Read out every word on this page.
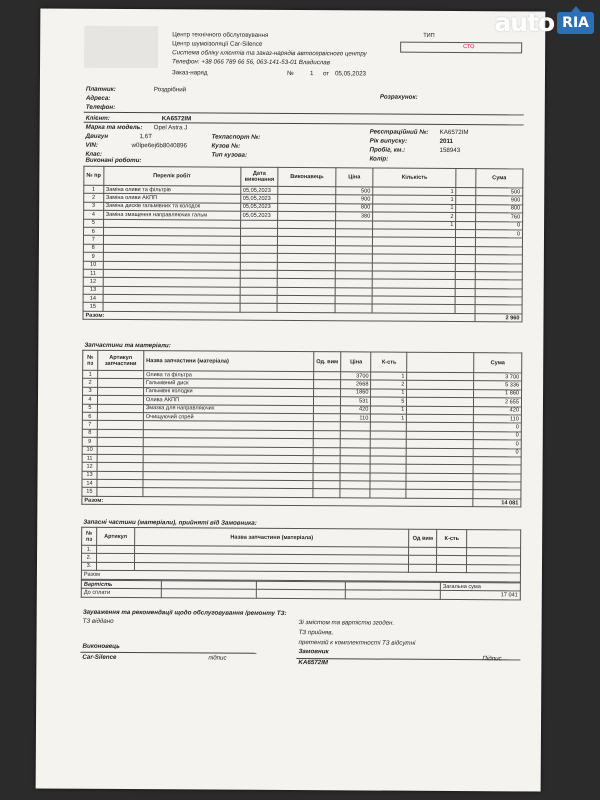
Центр технічного обслуговування
Центр шумоізоляції Car-Silence
Система обліку клієнтів та заказ-нарядів автосервісного центру
Телефон: +38 066 789 66 56, 063-141-53-01 Владислав
Заказ-наряд	№	1 от 05,05,2023
ТИП
СТО
Платник:	Роздрібний
Розрахунок:
Адреса:
Телефон:
Клієнт:	KA6572IM
Марка та модель: Opel Astra J
Двигун	1,6T
VIN:	w0lpe6ej6b8040896
Клас:
Техпаспорт №:
Кузов №:
Тип кузова:
Реєстраційний №: KA6572IM
Рік випуску:	2011
Пробіг, км.:	158943
Колір:
Виконані роботи:
№ пр	Перелік робіт	Дата виконання	Виконавець	Ціна	Кількість		Сума
1	Заміна оливи та фільтрів	05,05,2023		500	1		500
2	Заміна оливи АКПП	05,05,2023		900	1		900
3	Заміна дисків гальмівних та колодок	05,05,2023		800	1		800
4	Заміна змащення направляючих гальм	05,05,2023		380	2		760
5					1		0
6							0
7							
8							
9							
10							
11							
12							
13							
14							
15							
Разом:							2 960
Запчастини та матеріали:
№ пз	Артикул запчастини	Назва запчастини (матеріала)	Од. вим	Ціна	К-сть		Сума
1		Олива та фільтра		3700	1		3 700
2		Гальмівний диск		2668	2		5 336
3		Гальмівні колодки		1860	1		1 860
4		Олива АКПП		531	5		2 655
5		Змазка для направляючих		420	1		420
6		Очищуючий спрей		110	1		110
7							0
8							0
9							0
10							0
11							
12							
13							
14							
15							
Разом:							14 081
Запасні частини (матеріали), прийняті від Замовника:
№ пз	Артикул	Назва запчастини (матеріала)	Од вим	К-сть	
1.					
2.					
3.					
Разом					
Вартість				Загальна сума
До сплати				17 041
Зауваження та рекомендації щодо обслуговування /ремонту ТЗ:
ТЗ віддано	Зі змістом та вартістю згоден.
ТЗ прийняв,
претензій к комплектності ТЗ відсутні
Виконовець
Замовник
Car-Silence	підпис
KA6572IM
Підпис
auto RIA
